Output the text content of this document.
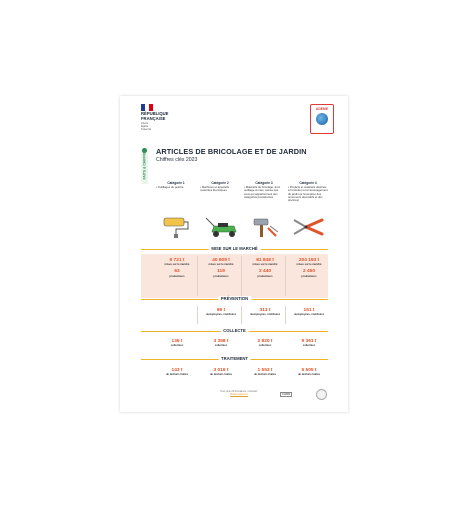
RÉPUBLIQUE
FRANÇAISE
Liberté
Égalité
Fraternité
ADEME
FAITS & CHIFFRES ARTICLES DE BRICOLAGE ET DE JARDIN
Chiffres clés 2023
Catégorie 1
• Outillages du peintre
Catégorie 2
• Machines et appareils motorisés thermiques
Catégorie 3
• Matériels de bricolage, dont outillage à main, autres que ceux qui appartiennent aux catégories précédentes
Catégorie 4
• Produits et matériels destinés à l'entretien et à l'aménagement du jardin (à l'exception des ornements décoratifs et des piscines)
MISE SUR LE MARCHÉ
6 721 t
mises sur le marché
63
producteurs
40 609 t
mises sur le marché
119
producteurs
81 848 t
mises sur le marché
2 440
producteurs
204 193 t
mises sur le marché
2 450
producteurs
PRÉVENTION
89 t
réemployées- réutilisées
313 t
réemployées- réutilisées
151 t
réemployées- réutilisées
COLLECTE
136 t
collectées
3 358 t
collectées
2 820 t
collectées
9 361 t
collectées
TRAITEMENT
143 t
de déchets traités
3 016 t
de déchets traités
1 553 t
de déchets traités
5 505 t
de déchets traités
Pour plus d'informations, consultez
librairie.ademe.fr	011861
